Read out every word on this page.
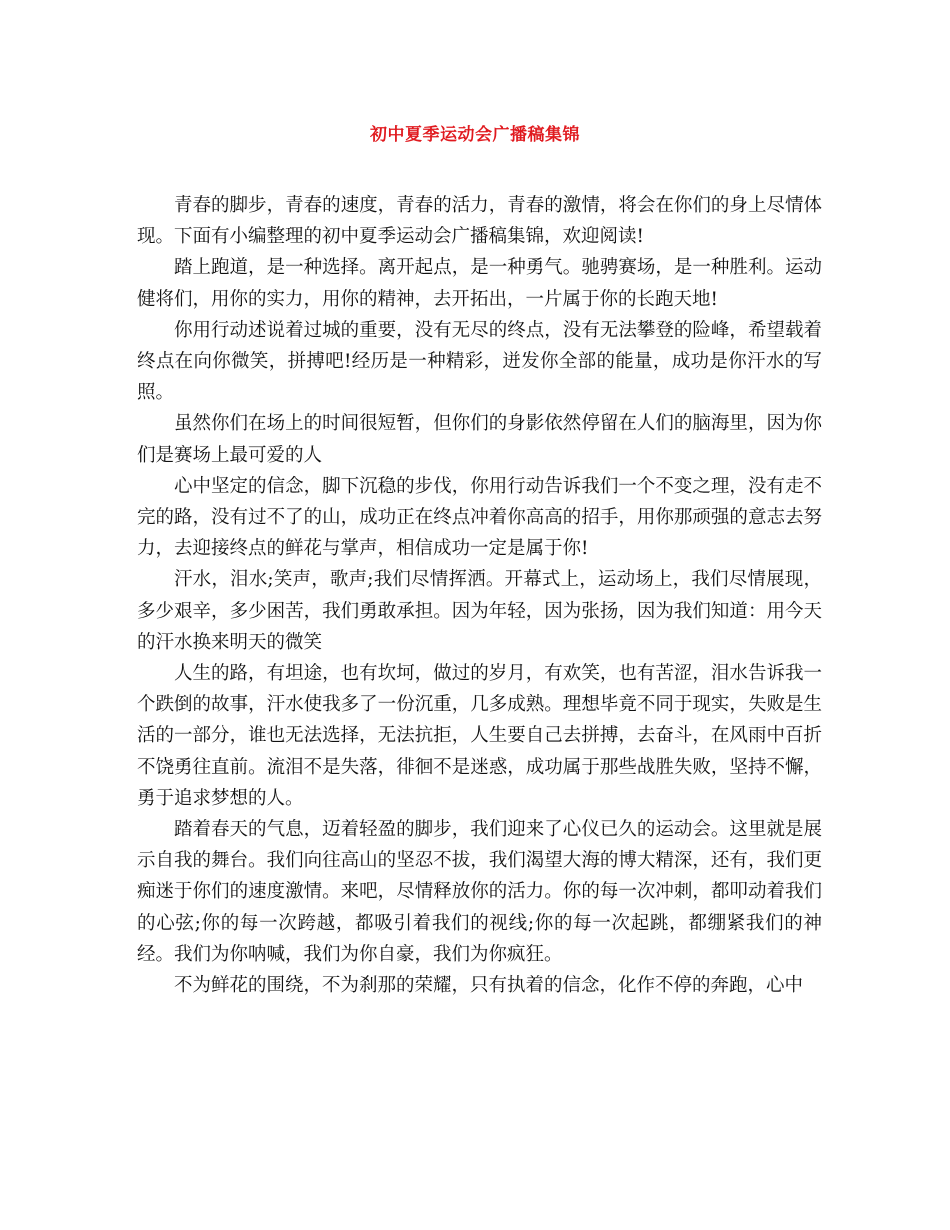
初中夏季运动会广播稿集锦

青春的脚步，青春的速度，青春的活力，青春的激情，将会在你们的身上尽情体现。下面有小编整理的初中夏季运动会广播稿集锦，欢迎阅读!

踏上跑道，是一种选择。离开起点，是一种勇气。驰骋赛场，是一种胜利。运动健将们，用你的实力，用你的精神，去开拓出，一片属于你的长跑天地!

你用行动述说着过城的重要，没有无尽的终点，没有无法攀登的险峰，希望载着终点在向你微笑，拼搏吧!经历是一种精彩，迸发你全部的能量，成功是你汗水的写照。

虽然你们在场上的时间很短暂，但你们的身影依然停留在人们的脑海里，因为你们是赛场上最可爱的人

心中坚定的信念，脚下沉稳的步伐，你用行动告诉我们一个不变之理，没有走不完的路，没有过不了的山，成功正在终点冲着你高高的招手，用你那顽强的意志去努力，去迎接终点的鲜花与掌声，相信成功一定是属于你!

汗水，泪水;笑声，歌声;我们尽情挥洒。开幕式上，运动场上，我们尽情展现，多少艰辛，多少困苦，我们勇敢承担。因为年轻，因为张扬，因为我们知道：用今天的汗水换来明天的微笑

人生的路，有坦途，也有坎坷，做过的岁月，有欢笑，也有苦涩，泪水告诉我一个跌倒的故事，汗水使我多了一份沉重，几多成熟。理想毕竟不同于现实，失败是生活的一部分，谁也无法选择，无法抗拒，人生要自己去拼搏，去奋斗，在风雨中百折不饶勇往直前。流泪不是失落，徘徊不是迷惑，成功属于那些战胜失败，坚持不懈，勇于追求梦想的人。

踏着春天的气息，迈着轻盈的脚步，我们迎来了心仪已久的运动会。这里就是展示自我的舞台。我们向往高山的坚忍不拔，我们渴望大海的博大精深，还有，我们更痴迷于你们的速度激情。来吧，尽情释放你的活力。你的每一次冲刺，都叩动着我们的心弦;你的每一次跨越，都吸引着我们的视线;你的每一次起跳，都绷紧我们的神经。我们为你呐喊，我们为你自豪，我们为你疯狂。

不为鲜花的围绕，不为刹那的荣耀，只有执着的信念，化作不停的奔跑，心中
